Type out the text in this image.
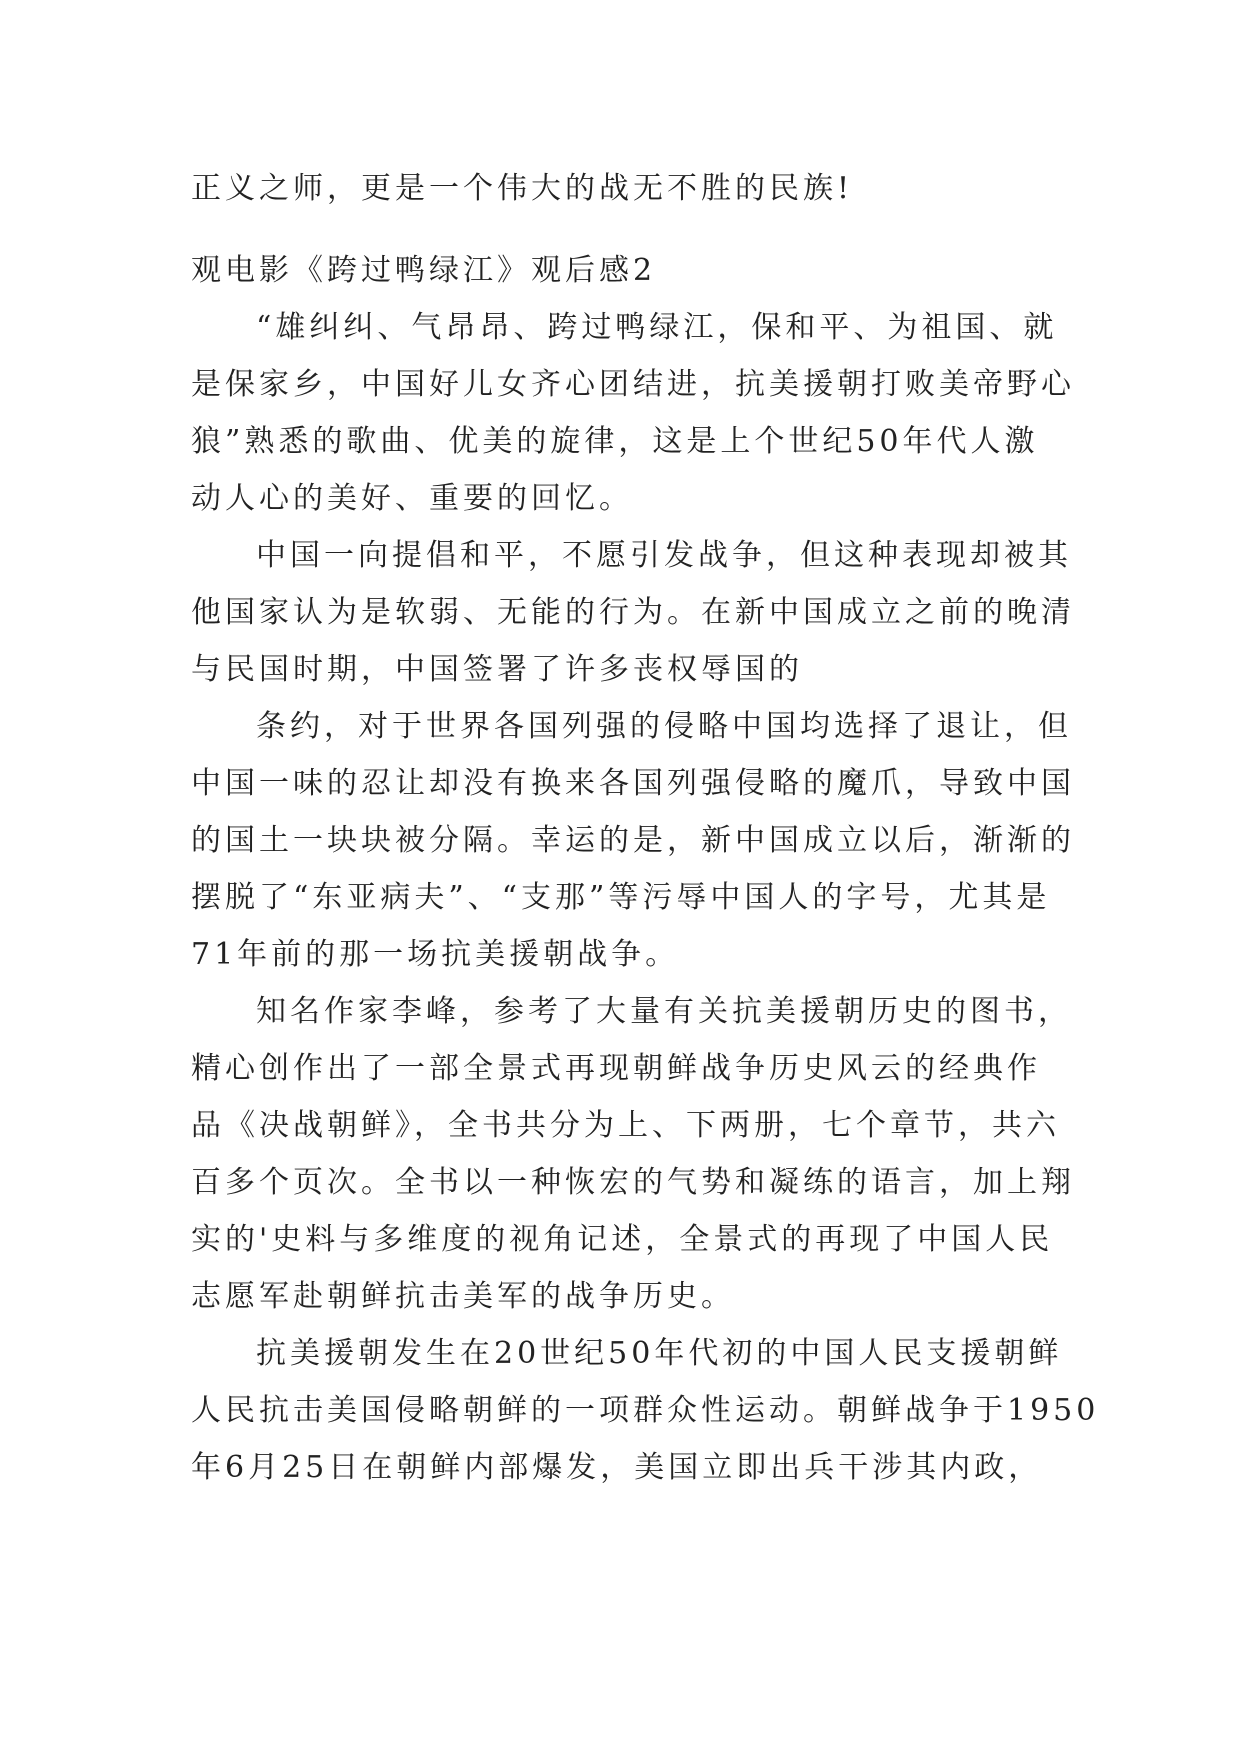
正义之师，更是一个伟大的战无不胜的民族!
观电影《跨过鸭绿江》观后感2
“雄纠纠、气昂昂、跨过鸭绿江，保和平、为祖国、就
是保家乡，中国好儿女齐心团结进，抗美援朝打败美帝野心
狼”熟悉的歌曲、优美的旋律，这是上个世纪50年代人激
动人心的美好、重要的回忆。
中国一向提倡和平，不愿引发战争，但这种表现却被其
他国家认为是软弱、无能的行为。在新中国成立之前的晚清
与民国时期，中国签署了许多丧权辱国的
条约，对于世界各国列强的侵略中国均选择了退让，但
中国一味的忍让却没有换来各国列强侵略的魔爪，导致中国
的国土一块块被分隔。幸运的是，新中国成立以后，渐渐的
摆脱了“东亚病夫”、“支那”等污辱中国人的字号，尤其是
71年前的那一场抗美援朝战争。
知名作家李峰，参考了大量有关抗美援朝历史的图书，
精心创作出了一部全景式再现朝鲜战争历史风云的经典作
品《决战朝鲜》，全书共分为上、下两册，七个章节，共六
百多个页次。全书以一种恢宏的气势和凝练的语言，加上翔
实的'史料与多维度的视角记述，全景式的再现了中国人民
志愿军赴朝鲜抗击美军的战争历史。
抗美援朝发生在20世纪50年代初的中国人民支援朝鲜
人民抗击美国侵略朝鲜的一项群众性运动。朝鲜战争于1950
年6月25日在朝鲜内部爆发，美国立即出兵干涉其内政，
